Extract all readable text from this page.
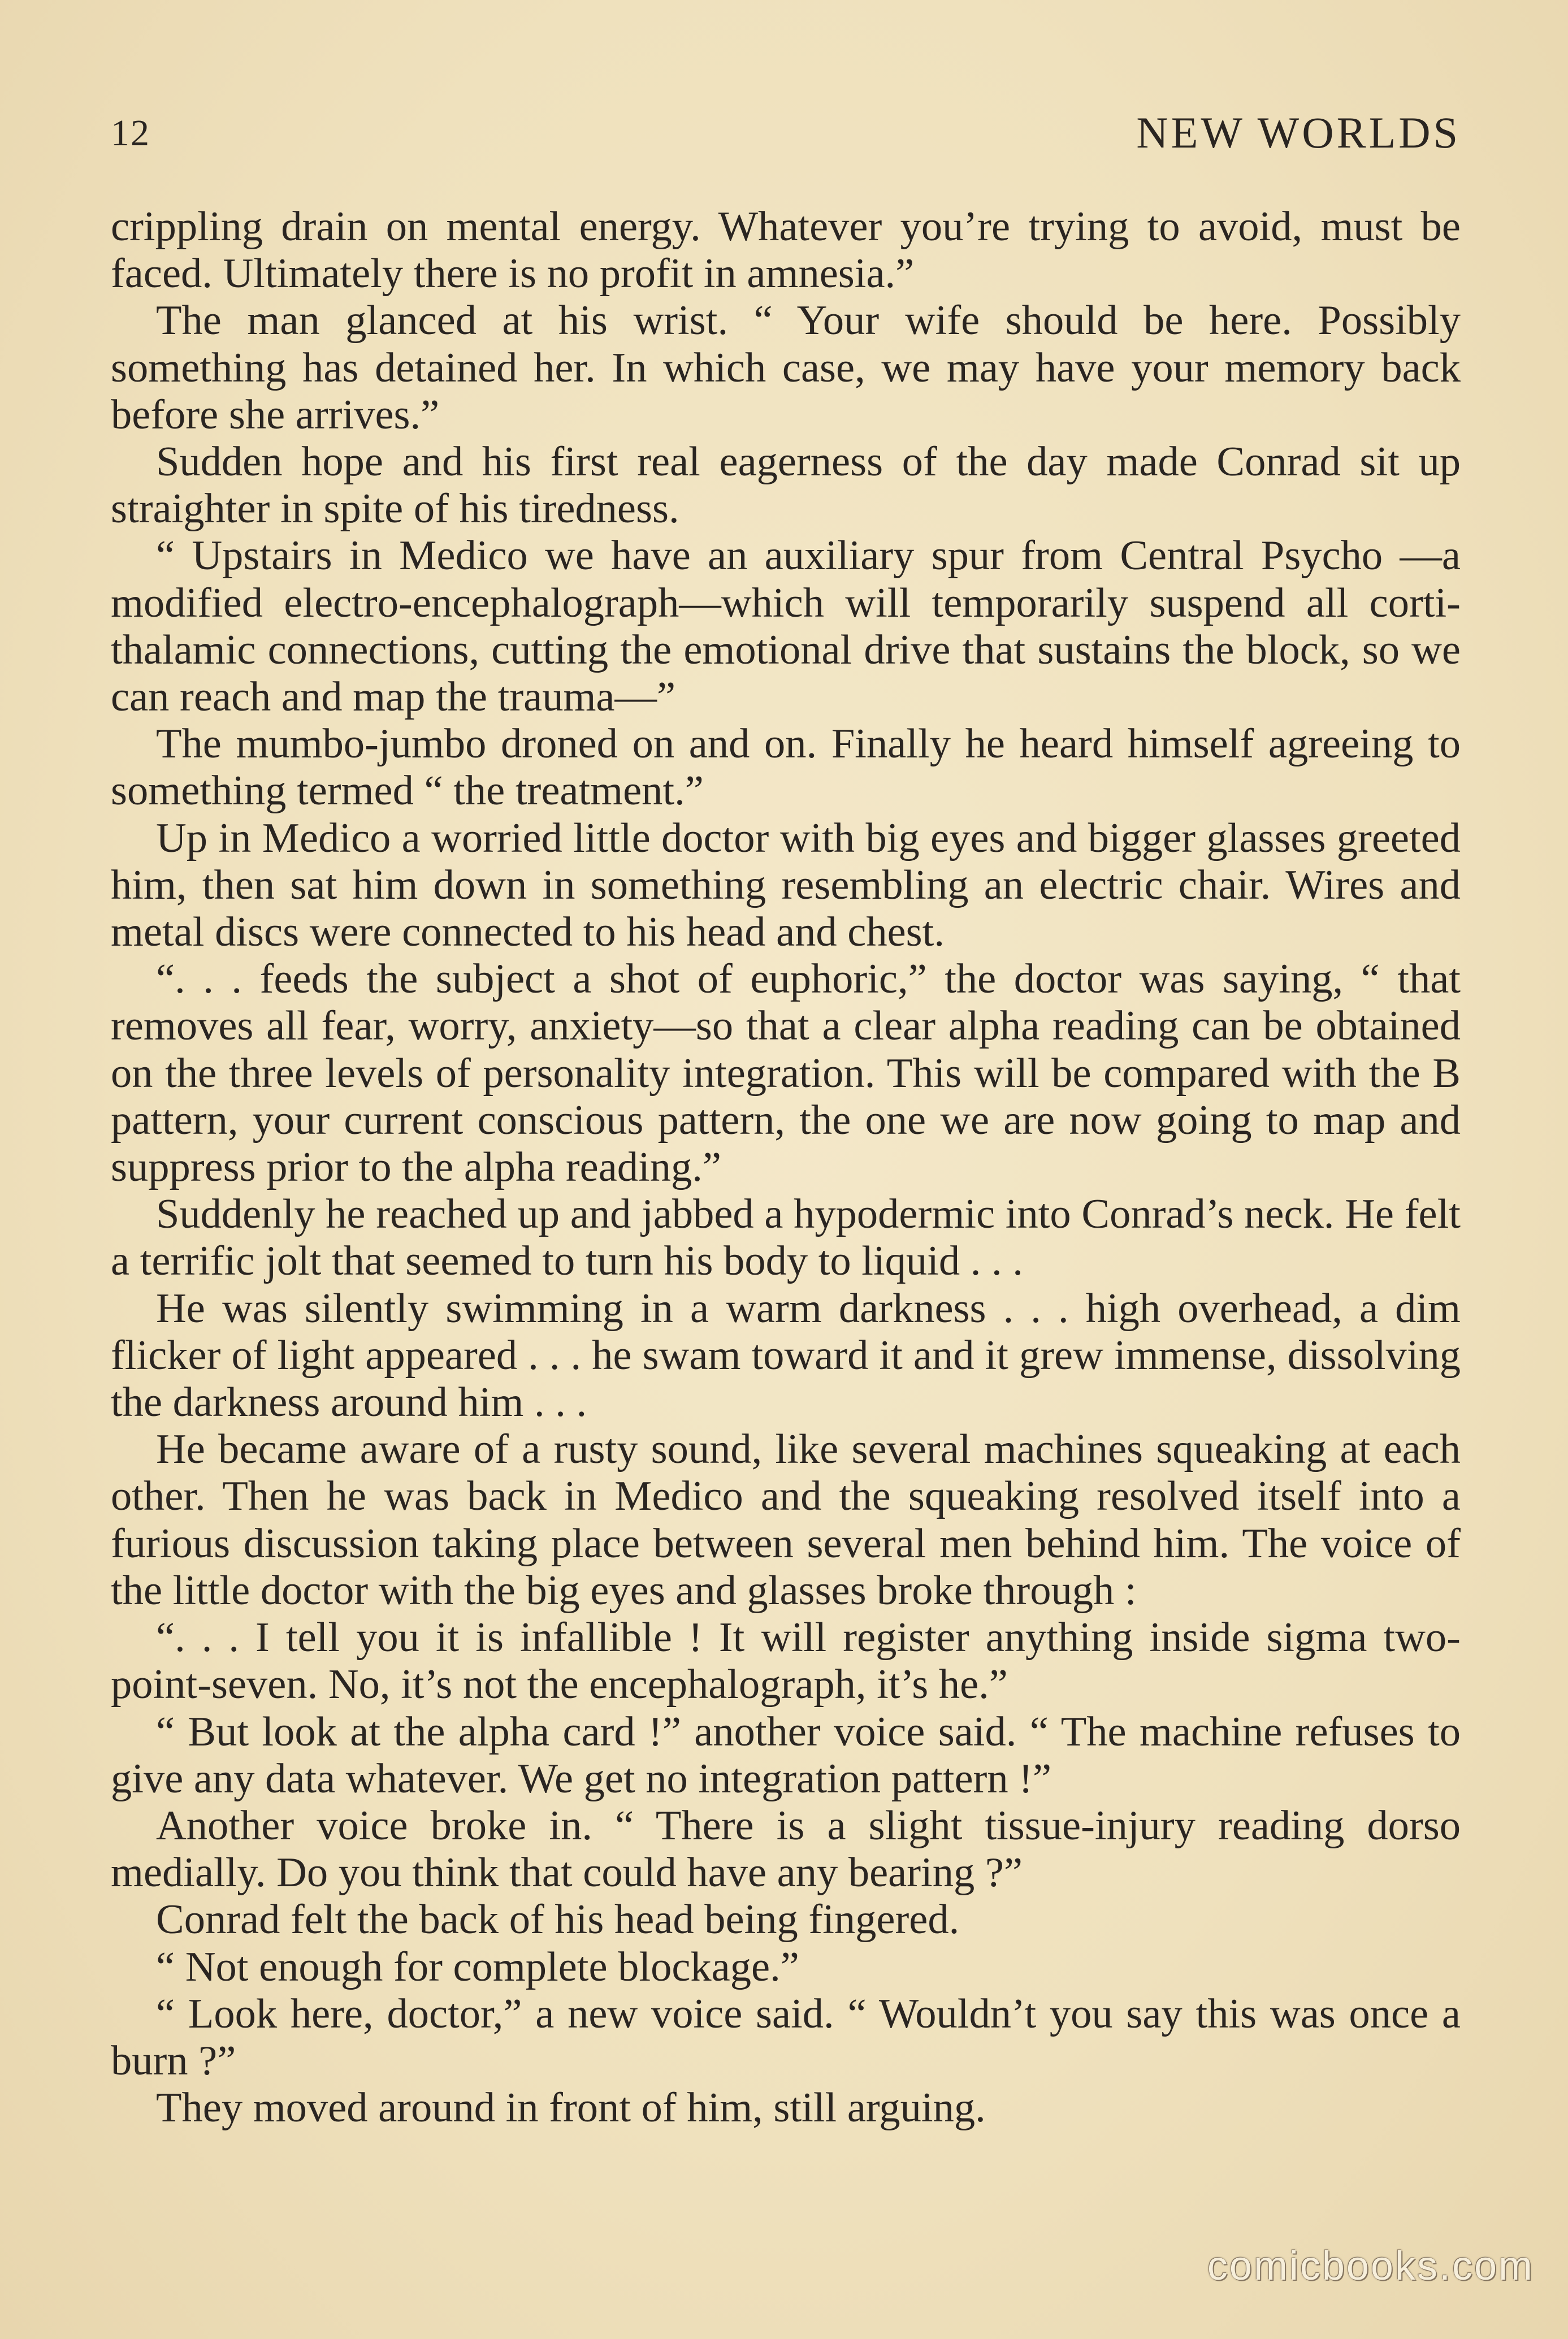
12	NEW WORLDS

crippling drain on mental energy. Whatever you’re trying to avoid, must be faced. Ultimately there is no profit in amnesia.”

The man glanced at his wrist. “ Your wife should be here. Possibly something has detained her. In which case, we may have your memory back before she arrives.”

Sudden hope and his first real eagerness of the day made Conrad sit up straighter in spite of his tiredness.

“ Upstairs in Medico we have an auxiliary spur from Central Psycho —a modified electro-encephalograph—which will temporarily suspend all corti-thalamic connections, cutting the emotional drive that sustains the block, so we can reach and map the trauma—”

The mumbo-jumbo droned on and on. Finally he heard himself agreeing to something termed “ the treatment.”

Up in Medico a worried little doctor with big eyes and bigger glasses greeted him, then sat him down in something resembling an electric chair. Wires and metal discs were connected to his head and chest.

“. . . feeds the subject a shot of euphoric,” the doctor was saying, “ that removes all fear, worry, anxiety—so that a clear alpha reading can be obtained on the three levels of personality integration. This will be compared with the B pattern, your current conscious pattern, the one we are now going to map and suppress prior to the alpha reading.”

Suddenly he reached up and jabbed a hypodermic into Conrad’s neck. He felt a terrific jolt that seemed to turn his body to liquid . . .

He was silently swimming in a warm darkness . . . high overhead, a dim flicker of light appeared . . . he swam toward it and it grew immense, dissolving the darkness around him . . .

He became aware of a rusty sound, like several machines squeaking at each other. Then he was back in Medico and the squeaking resolved itself into a furious discussion taking place between several men behind him. The voice of the little doctor with the big eyes and glasses broke through :

“. . . I tell you it is infallible ! It will register anything inside sigma two-point-seven. No, it’s not the encephalograph, it’s he.”

“ But look at the alpha card !” another voice said. “ The machine refuses to give any data whatever. We get no integration pattern !”

Another voice broke in. “ There is a slight tissue-injury reading dorso medially. Do you think that could have any bearing ?”

Conrad felt the back of his head being fingered.

“ Not enough for complete blockage.”

“ Look here, doctor,” a new voice said. “ Wouldn’t you say this was once a burn ?”

They moved around in front of him, still arguing.

comicbooks.com
